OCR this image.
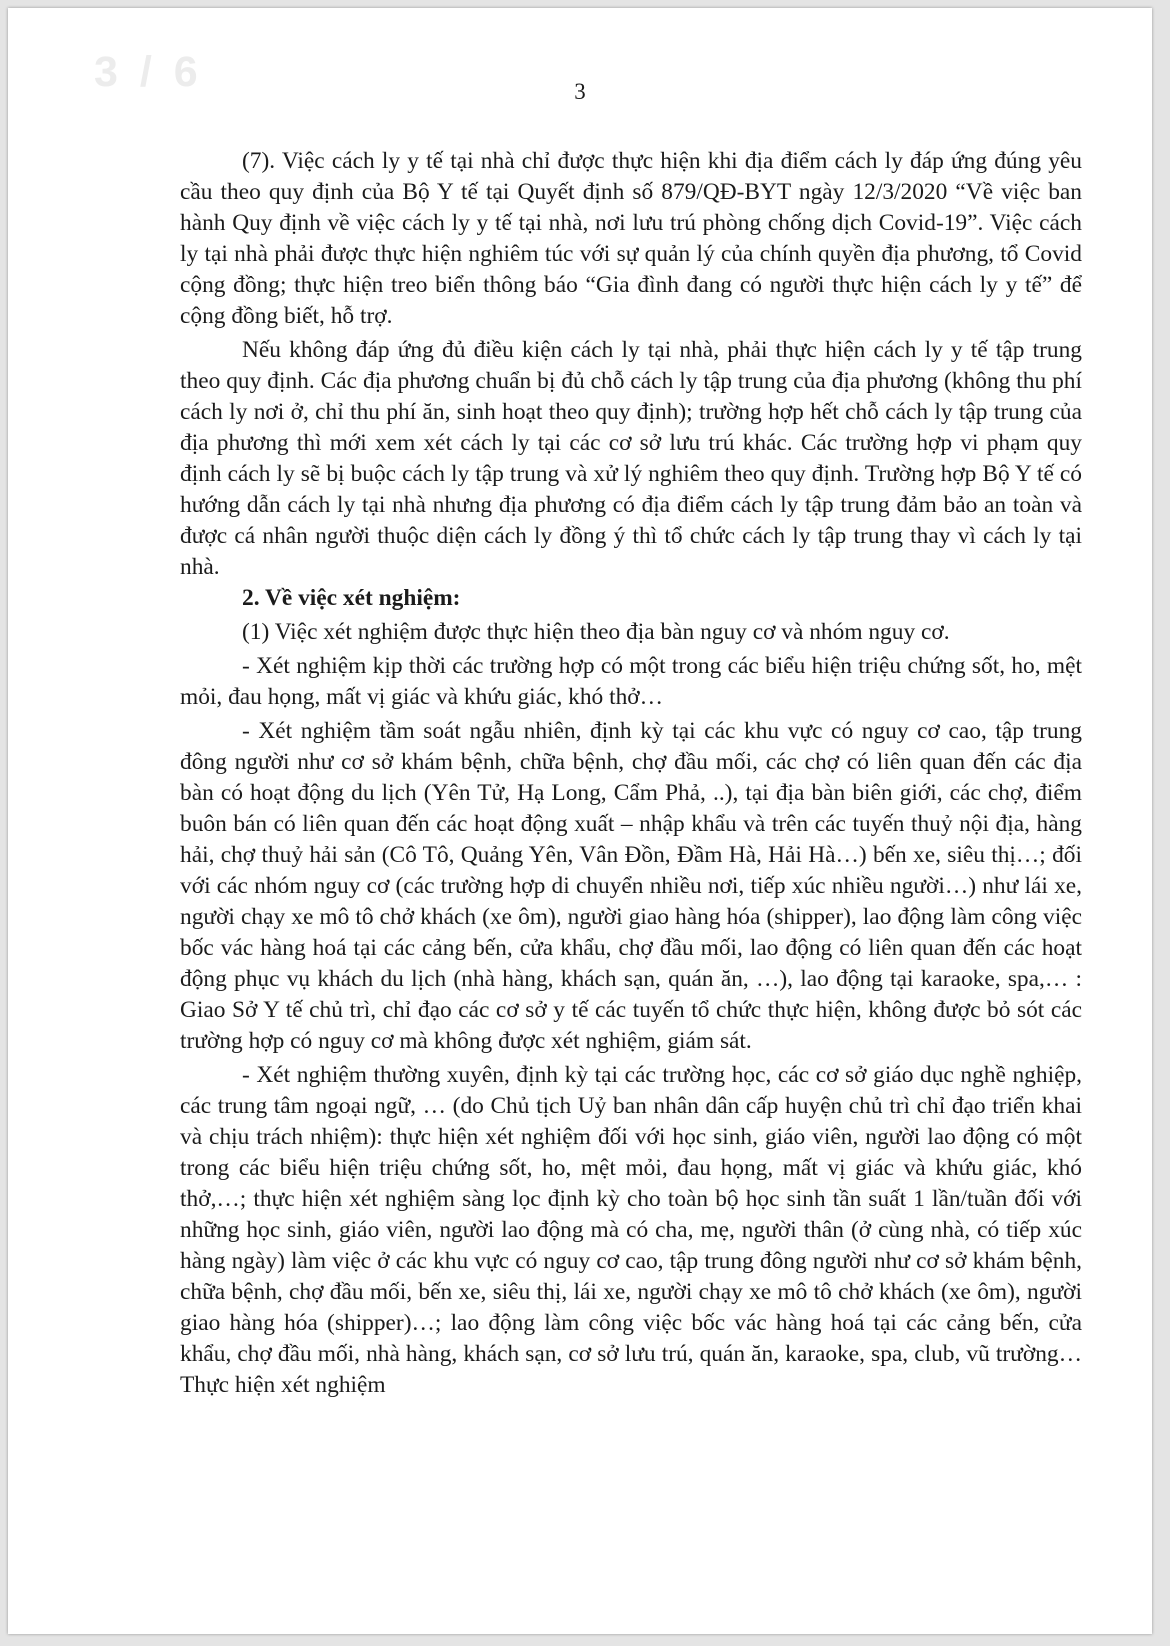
3 / 6	3

(7). Việc cách ly y tế tại nhà chỉ được thực hiện khi địa điểm cách ly đáp ứng đúng yêu cầu theo quy định của Bộ Y tế tại Quyết định số 879/QĐ-BYT ngày 12/3/2020 “Về việc ban hành Quy định về việc cách ly y tế tại nhà, nơi lưu trú phòng chống dịch Covid-19”. Việc cách ly tại nhà phải được thực hiện nghiêm túc với sự quản lý của chính quyền địa phương, tổ Covid cộng đồng; thực hiện treo biển thông báo “Gia đình đang có người thực hiện cách ly y tế” để cộng đồng biết, hỗ trợ.

Nếu không đáp ứng đủ điều kiện cách ly tại nhà, phải thực hiện cách ly y tế tập trung theo quy định. Các địa phương chuẩn bị đủ chỗ cách ly tập trung của địa phương (không thu phí cách ly nơi ở, chỉ thu phí ăn, sinh hoạt theo quy định); trường hợp hết chỗ cách ly tập trung của địa phương thì mới xem xét cách ly tại các cơ sở lưu trú khác. Các trường hợp vi phạm quy định cách ly sẽ bị buộc cách ly tập trung và xử lý nghiêm theo quy định. Trường hợp Bộ Y tế có hướng dẫn cách ly tại nhà nhưng địa phương có địa điểm cách ly tập trung đảm bảo an toàn và được cá nhân người thuộc diện cách ly đồng ý thì tổ chức cách ly tập trung thay vì cách ly tại nhà.

2. Về việc xét nghiệm:

(1) Việc xét nghiệm được thực hiện theo địa bàn nguy cơ và nhóm nguy cơ.

- Xét nghiệm kịp thời các trường hợp có một trong các biểu hiện triệu chứng sốt, ho, mệt mỏi, đau họng, mất vị giác và khứu giác, khó thở…

- Xét nghiệm tầm soát ngẫu nhiên, định kỳ tại các khu vực có nguy cơ cao, tập trung đông người như cơ sở khám bệnh, chữa bệnh, chợ đầu mối, các chợ có liên quan đến các địa bàn có hoạt động du lịch (Yên Tử, Hạ Long, Cẩm Phả, ..), tại địa bàn biên giới, các chợ, điểm buôn bán có liên quan đến các hoạt động xuất – nhập khẩu và trên các tuyến thuỷ nội địa, hàng hải, chợ thuỷ hải sản (Cô Tô, Quảng Yên, Vân Đồn, Đầm Hà, Hải Hà…) bến xe, siêu thị…; đối với các nhóm nguy cơ (các trường hợp di chuyển nhiều nơi, tiếp xúc nhiều người…) như lái xe, người chạy xe mô tô chở khách (xe ôm), người giao hàng hóa (shipper), lao động làm công việc bốc vác hàng hoá tại các cảng bến, cửa khẩu, chợ đầu mối, lao động có liên quan đến các hoạt động phục vụ khách du lịch (nhà hàng, khách sạn, quán ăn, …), lao động tại karaoke, spa,… : Giao Sở Y tế chủ trì, chỉ đạo các cơ sở y tế các tuyến tổ chức thực hiện, không được bỏ sót các trường hợp có nguy cơ mà không được xét nghiệm, giám sát.

- Xét nghiệm thường xuyên, định kỳ tại các trường học, các cơ sở giáo dục nghề nghiệp, các trung tâm ngoại ngữ, … (do Chủ tịch Uỷ ban nhân dân cấp huyện chủ trì chỉ đạo triển khai và chịu trách nhiệm): thực hiện xét nghiệm đối với học sinh, giáo viên, người lao động có một trong các biểu hiện triệu chứng sốt, ho, mệt mỏi, đau họng, mất vị giác và khứu giác, khó thở,…; thực hiện xét nghiệm sàng lọc định kỳ cho toàn bộ học sinh tần suất 1 lần/tuần đối với những học sinh, giáo viên, người lao động mà có cha, mẹ, người thân (ở cùng nhà, có tiếp xúc hàng ngày) làm việc ở các khu vực có nguy cơ cao, tập trung đông người như cơ sở khám bệnh, chữa bệnh, chợ đầu mối, bến xe, siêu thị, lái xe, người chạy xe mô tô chở khách (xe ôm), người giao hàng hóa (shipper)…; lao động làm công việc bốc vác hàng hoá tại các cảng bến, cửa khẩu, chợ đầu mối, nhà hàng, khách sạn, cơ sở lưu trú, quán ăn, karaoke, spa, club, vũ trường… Thực hiện xét nghiệm
